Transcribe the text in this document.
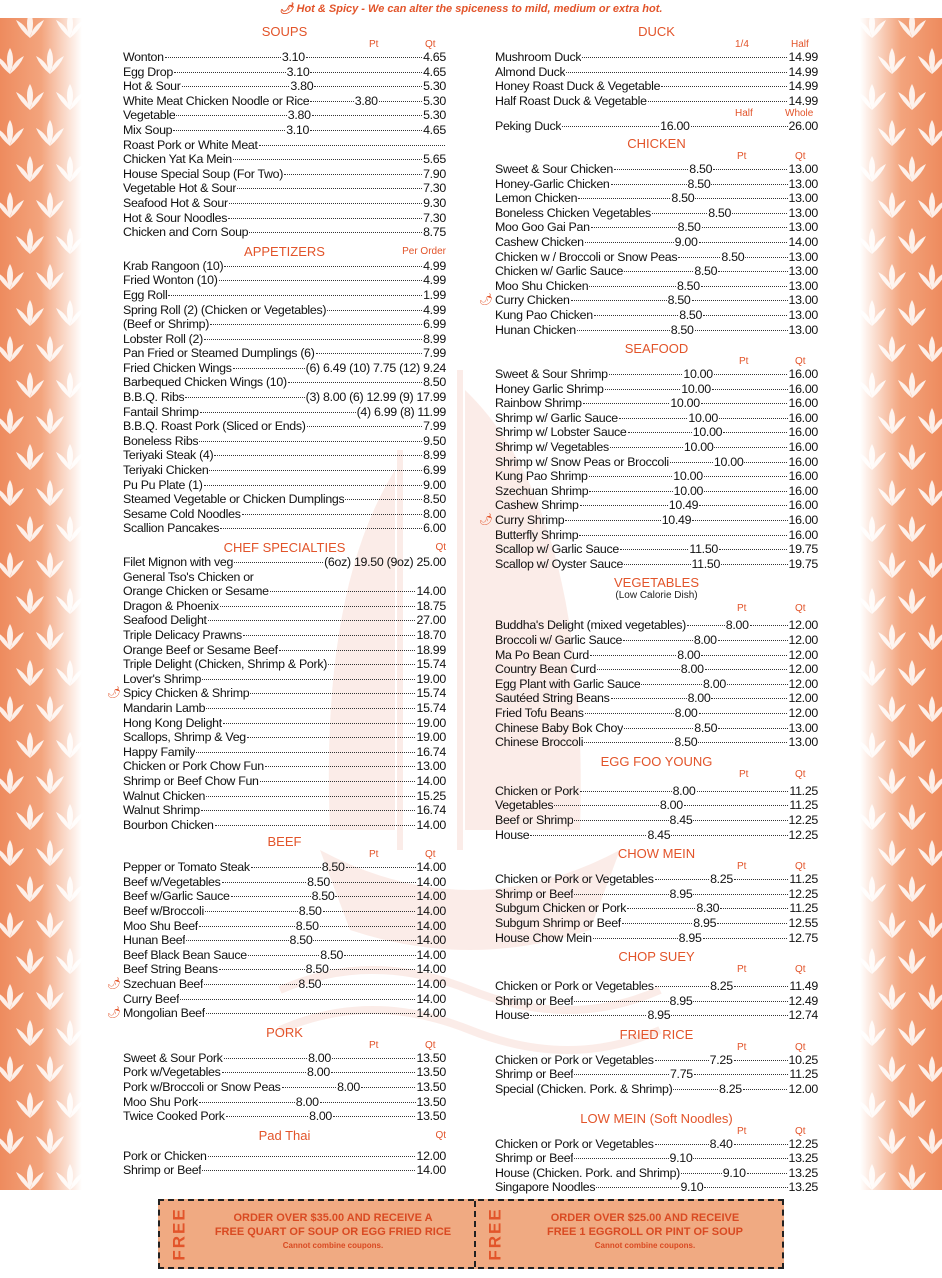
🌶︎ Hot & Spicy - We can alter the spiceness to mild, medium or extra hot.
SOUPS
Pt	Qt
Wonton	3.10	4.65
Egg Drop	3.10	4.65
Hot & Sour	3.80	5.30
White Meat Chicken Noodle or Rice	3.80	5.30
Vegetable	3.80	5.30
Mix Soup	3.10	4.65
Roast Pork or White Meat
Chicken Yat Ka Mein	5.65
House Special Soup (For Two)	7.90
Vegetable Hot & Sour	7.30
Seafood Hot & Sour	9.30
Hot & Sour Noodles	7.30
Chicken and Corn Soup	8.75
APPETIZERS	Per Order
Krab Rangoon (10)	4.99
Fried Wonton (10)	4.99
Egg Roll	1.99
Spring Roll (2) (Chicken or Vegetables)	4.99
(Beef or Shrimp)	6.99
Lobster Roll (2)	8.99
Pan Fried or Steamed Dumplings (6)	7.99
Fried Chicken Wings	(6) 6.49 (10) 7.75 (12) 9.24
Barbequed Chicken Wings (10)	8.50
B.B.Q. Ribs	(3) 8.00 (6) 12.99 (9) 17.99
Fantail Shrimp	(4) 6.99 (8) 11.99
B.B.Q. Roast Pork (Sliced or Ends)	7.99
Boneless Ribs	9.50
Teriyaki Steak (4)	8.99
Teriyaki Chicken	6.99
Pu Pu Plate (1)	9.00
Steamed Vegetable or Chicken Dumplings	8.50
Sesame Cold Noodles	8.00
Scallion Pancakes	6.00
CHEF SPECIALTIES	Qt
Filet Mignon with veg	(6oz) 19.50 (9oz) 25.00
General Tso's Chicken or
Orange Chicken or Sesame	14.00
Dragon & Phoenix	18.75
Seafood Delight	27.00
Triple Delicacy Prawns	18.70
Orange Beef or Sesame Beef	18.99
Triple Delight (Chicken, Shrimp & Pork)	15.74
Lover's Shrimp	19.00
🌶︎ Spicy Chicken & Shrimp	15.74
Mandarin Lamb	15.74
Hong Kong Delight	19.00
Scallops, Shrimp & Veg	19.00
Happy Family	16.74
Chicken or Pork Chow Fun	13.00
Shrimp or Beef Chow Fun	14.00
Walnut Chicken	15.25
Walnut Shrimp	16.74
Bourbon Chicken	14.00
BEEF
Pt	Qt
Pepper or Tomato Steak	8.50	14.00
Beef w/Vegetables	8.50	14.00
Beef w/Garlic Sauce	8.50	14.00
Beef w/Broccoli	8.50	14.00
Moo Shu Beef	8.50	14.00
Hunan Beef	8.50	14.00
Beef Black Bean Sauce	8.50	14.00
Beef String Beans	8.50	14.00
🌶︎ Szechuan Beef	8.50	14.00
Curry Beef	14.00
🌶︎ Mongolian Beef	14.00
PORK
Pt	Qt
Sweet & Sour Pork	8.00	13.50
Pork w/Vegetables	8.00	13.50
Pork w/Broccoli or Snow Peas	8.00	13.50
Moo Shu Pork	8.00	13.50
Twice Cooked Pork	8.00	13.50
Pad Thai	Qt
Pork or Chicken	12.00
Shrimp or Beef	14.00
DUCK
1/4	Half
Mushroom Duck	14.99
Almond Duck	14.99
Honey Roast Duck & Vegetable	14.99
Half Roast Duck & Vegetable	14.99
Half	Whole
Peking Duck	16.00	26.00
CHICKEN
Pt	Qt
Sweet & Sour Chicken	8.50	13.00
Honey-Garlic Chicken	8.50	13.00
Lemon Chicken	8.50	13.00
Boneless Chicken Vegetables	8.50	13.00
Moo Goo Gai Pan	8.50	13.00
Cashew Chicken	9.00	14.00
Chicken w / Broccoli or Snow Peas	8.50	13.00
Chicken w/ Garlic Sauce	8.50	13.00
Moo Shu Chicken	8.50	13.00
🌶︎ Curry Chicken	8.50	13.00
Kung Pao Chicken	8.50	13.00
Hunan Chicken	8.50	13.00
SEAFOOD
Pt	Qt
Sweet & Sour Shrimp	10.00	16.00
Honey Garlic Shrimp	10.00	16.00
Rainbow Shrimp	10.00	16.00
Shrimp w/ Garlic Sauce	10.00	16.00
Shrimp w/ Lobster Sauce	10.00	16.00
Shrimp w/ Vegetables	10.00	16.00
Shrimp w/ Snow Peas or Broccoli	10.00	16.00
Kung Pao Shrimp	10.00	16.00
Szechuan Shrimp	10.00	16.00
Cashew Shrimp	10.49	16.00
🌶︎ Curry Shrimp	10.49	16.00
Butterfly Shrimp	16.00
Scallop w/ Garlic Sauce	11.50	19.75
Scallop w/ Oyster Sauce	11.50	19.75
VEGETABLES
(Low Calorie Dish)
Pt	Qt
Buddha's Delight (mixed vegetables)	8.00	12.00
Broccoli w/ Garlic Sauce	8.00	12.00
Ma Po Bean Curd	8.00	12.00
Country Bean Curd	8.00	12.00
Egg Plant with Garlic Sauce	8.00	12.00
Sautéed String Beans	8.00	12.00
Fried Tofu Beans	8.00	12.00
Chinese Baby Bok Choy	8.50	13.00
Chinese Broccoli	8.50	13.00
EGG FOO YOUNG
Pt	Qt
Chicken or Pork	8.00	11.25
Vegetables	8.00	11.25
Beef or Shrimp	8.45	12.25
House	8.45	12.25
CHOW MEIN
Pt	Qt
Chicken or Pork or Vegetables	8.25	11.25
Shrimp or Beef	8.95	12.25
Subgum Chicken or Pork	8.30	11.25
Subgum Shrimp or Beef	8.95	12.55
House Chow Mein	8.95	12.75
CHOP SUEY
Pt	Qt
Chicken or Pork or Vegetables	8.25	11.49
Shrimp or Beef	8.95	12.49
House	8.95	12.74
FRIED RICE
Pt	Qt
Chicken or Pork or Vegetables	7.25	10.25
Shrimp or Beef	7.75	11.25
Special (Chicken. Pork. & Shrimp)	8.25	12.00
LOW MEIN (Soft Noodles)
Pt	Qt
Chicken or Pork or Vegetables	8.40	12.25
Shrimp or Beef	9.10	13.25
House (Chicken. Pork. and Shrimp)	9.10	13.25
Singapore Noodles	9.10	13.25
FREE	ORDER OVER $35.00 AND RECEIVE A
FREE QUART OF SOUP OR EGG FRIED RICE
Cannot combine coupons.	FREE	ORDER OVER $25.00 AND RECEIVE
FREE 1 EGGROLL OR PINT OF SOUP
Cannot combine coupons.
